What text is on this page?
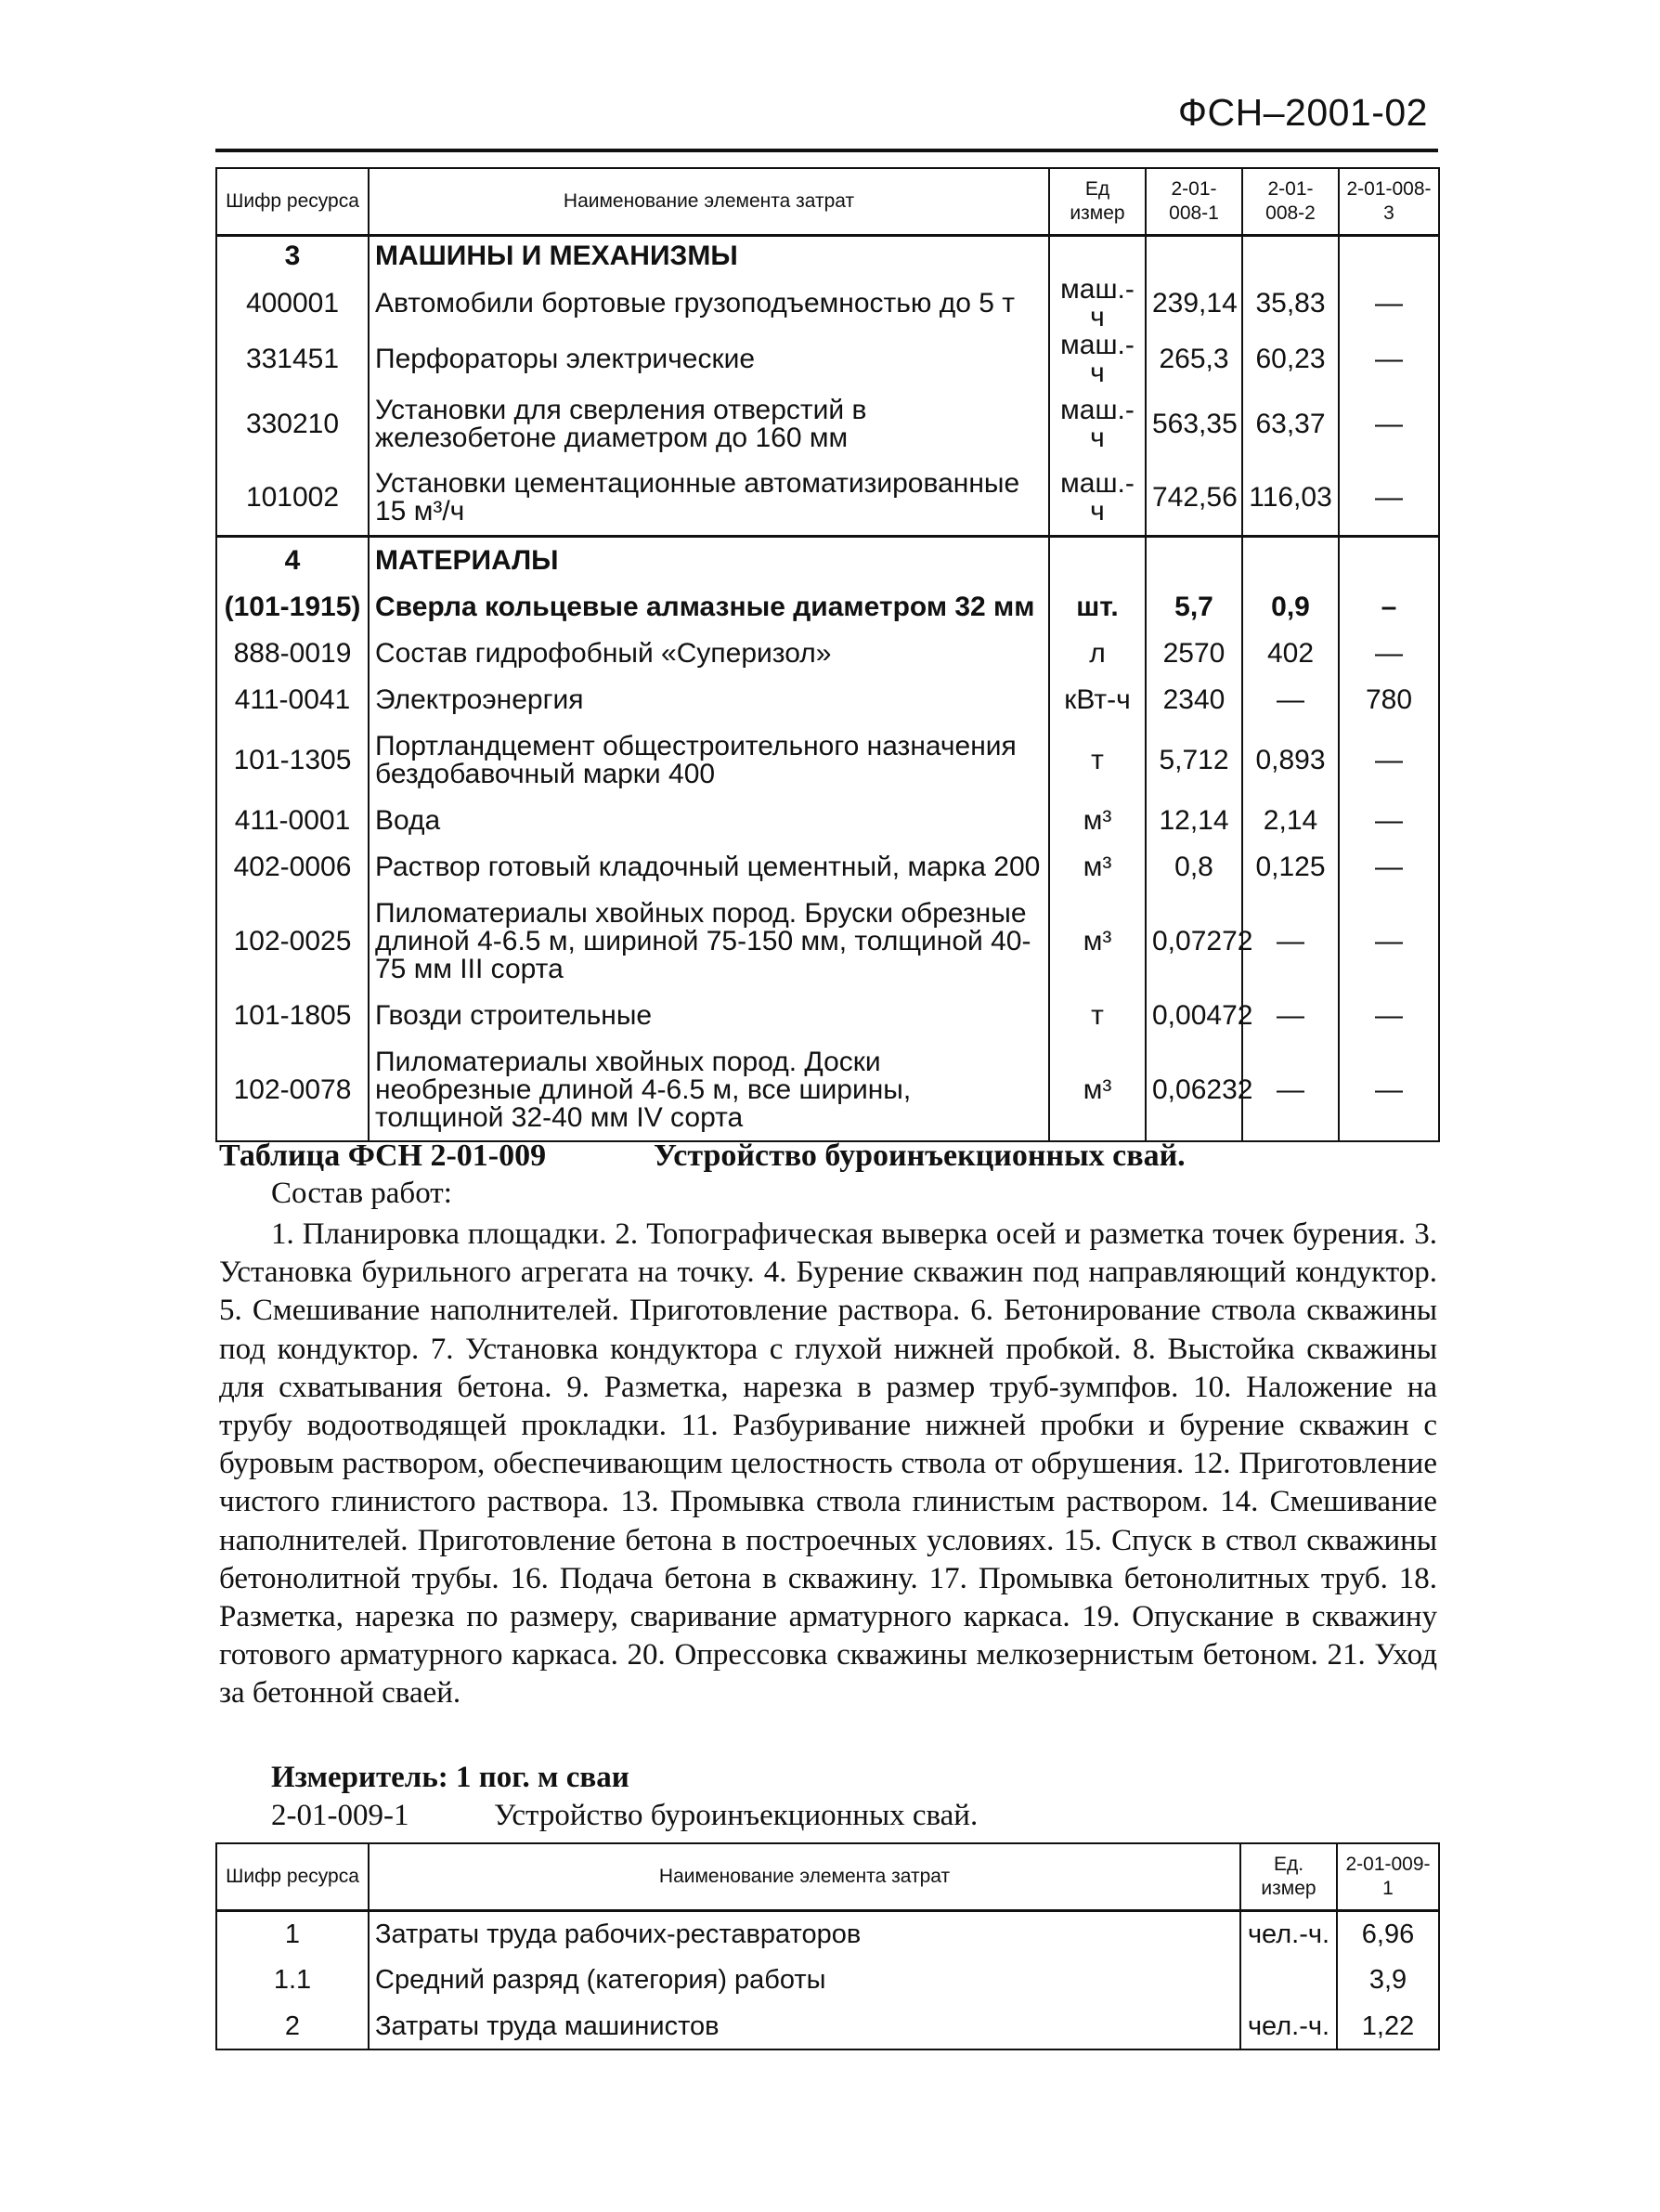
ФСН–2001-02
Шифр ресурса	Наименование элемента затрат	Ед измер	2-01-008-1	2-01-008-2	2-01-008-3
3	МАШИНЫ И МЕХАНИЗМЫ				
400001	Автомобили бортовые грузоподъемностью до 5 т	маш.-ч	239,14	35,83	—
331451	Перфораторы электрические	маш.-ч	265,3	60,23	—
330210	Установки для сверления отверстий в железобетоне диаметром до 160 мм	маш.-ч	563,35	63,37	—
101002	Установки цементационные автоматизированные 15 м³/ч	маш.-ч	742,56	116,03	—
4	МАТЕРИАЛЫ				
(101-1915)	Сверла кольцевые алмазные диаметром 32 мм	шт.	5,7	0,9	–
888-0019	Состав гидрофобный «Суперизол»	л	2570	402	—
411-0041	Электроэнергия	кВт-ч	2340	—	780
101-1305	Портландцемент общестроительного назначения бездобавочный марки 400	т	5,712	0,893	—
411-0001	Вода	м³	12,14	2,14	—
402-0006	Раствор готовый кладочный цементный, марка 200	м³	0,8	0,125	—
102-0025	Пиломатериалы хвойных пород. Бруски обрезные длиной 4-6.5 м, шириной 75-150 мм, толщиной 40-75 мм III сорта	м³	0,07272	—	—
101-1805	Гвозди строительные	т	0,00472	—	—
102-0078	Пиломатериалы хвойных пород. Доски необрезные длиной 4-6.5 м, все ширины, толщиной 32-40 мм IV сорта	м³	0,06232	—	—
Таблица ФСН 2-01-009	Устройство буроинъекционных свай.
Состав работ:
1. Планировка площадки. 2. Топографическая выверка осей и разметка точек бурения. 3. Установка бурильного агрегата на точку. 4. Бурение скважин под направляющий кондуктор. 5. Смешивание наполнителей. Приготовление раствора. 6. Бетонирование ствола скважины под кондуктор. 7. Установка кондуктора с глухой нижней пробкой. 8. Выстойка скважины для схватывания бетона. 9. Разметка, нарезка в размер труб-зумпфов. 10. Наложение на трубу водоотводящей прокладки. 11. Разбуривание нижней пробки и бурение скважин с буровым раствором, обеспечивающим целостность ствола от обрушения. 12. Приготовление чистого глинистого раствора. 13. Промывка ствола глинистым раствором. 14. Смешивание наполнителей. Приготовление бетона в построечных условиях. 15. Спуск в ствол скважины бетонолитной трубы. 16. Подача бетона в скважину. 17. Промывка бетонолитных труб. 18. Разметка, нарезка по размеру, сваривание арматурного каркаса. 19. Опускание в скважину готового арматурного каркаса. 20. Опрессовка скважины мелкозернистым бетоном. 21. Уход за бетонной сваей.
Измеритель: 1 пог. м сваи
2-01-009-1	Устройство буроинъекционных свай.
Шифр ресурса	Наименование элемента затрат	Ед. измер	2-01-009-1
1	Затраты труда рабочих-реставраторов	чел.-ч.	6,96
1.1	Средний разряд (категория) работы		3,9
2	Затраты труда машинистов	чел.-ч.	1,22
